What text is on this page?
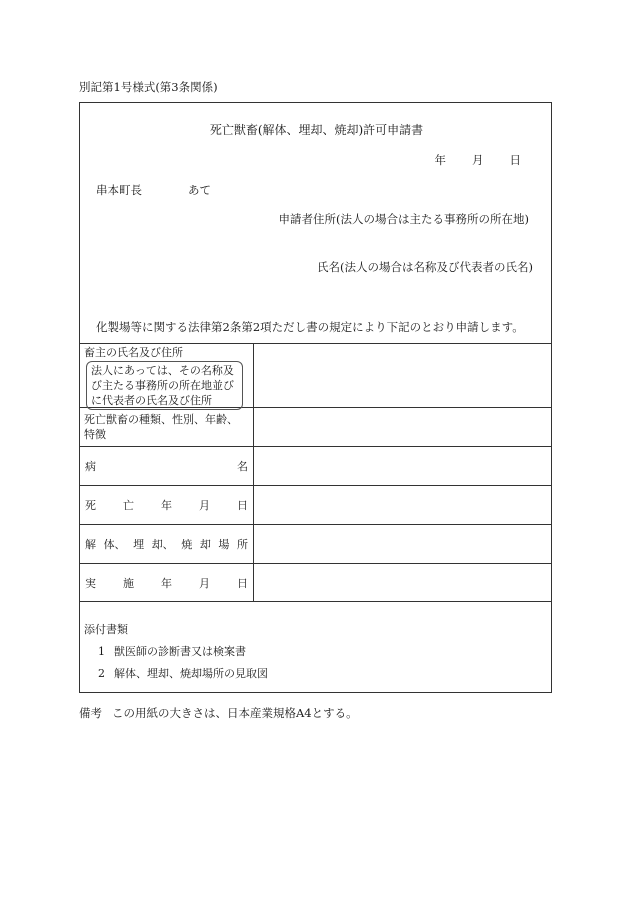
別記第1号様式(第3条関係)
死亡獣畜(解体、埋却、焼却)許可申請書
年 月 日
串本町長	あて
申請者住所(法人の場合は主たる事務所の所在地)
氏名(法人の場合は名称及び代表者の氏名)
化製場等に関する法律第2条第2項ただし書の規定により下記のとおり申請します。
畜主の氏名及び住所
法人にあっては、その名称及び主たる事務所の所在地並びに代表者の氏名及び住所
死亡獣畜の種類、性別、年齢、
特徴
病	名
死 亡 年 月 日
解 体、 埋 却、 焼 却 場 所
実 施 年 月 日
添付書類
1 獣医師の診断書又は検案書
2 解体、埋却、焼却場所の見取図
備考 この用紙の大きさは、日本産業規格A4とする。
